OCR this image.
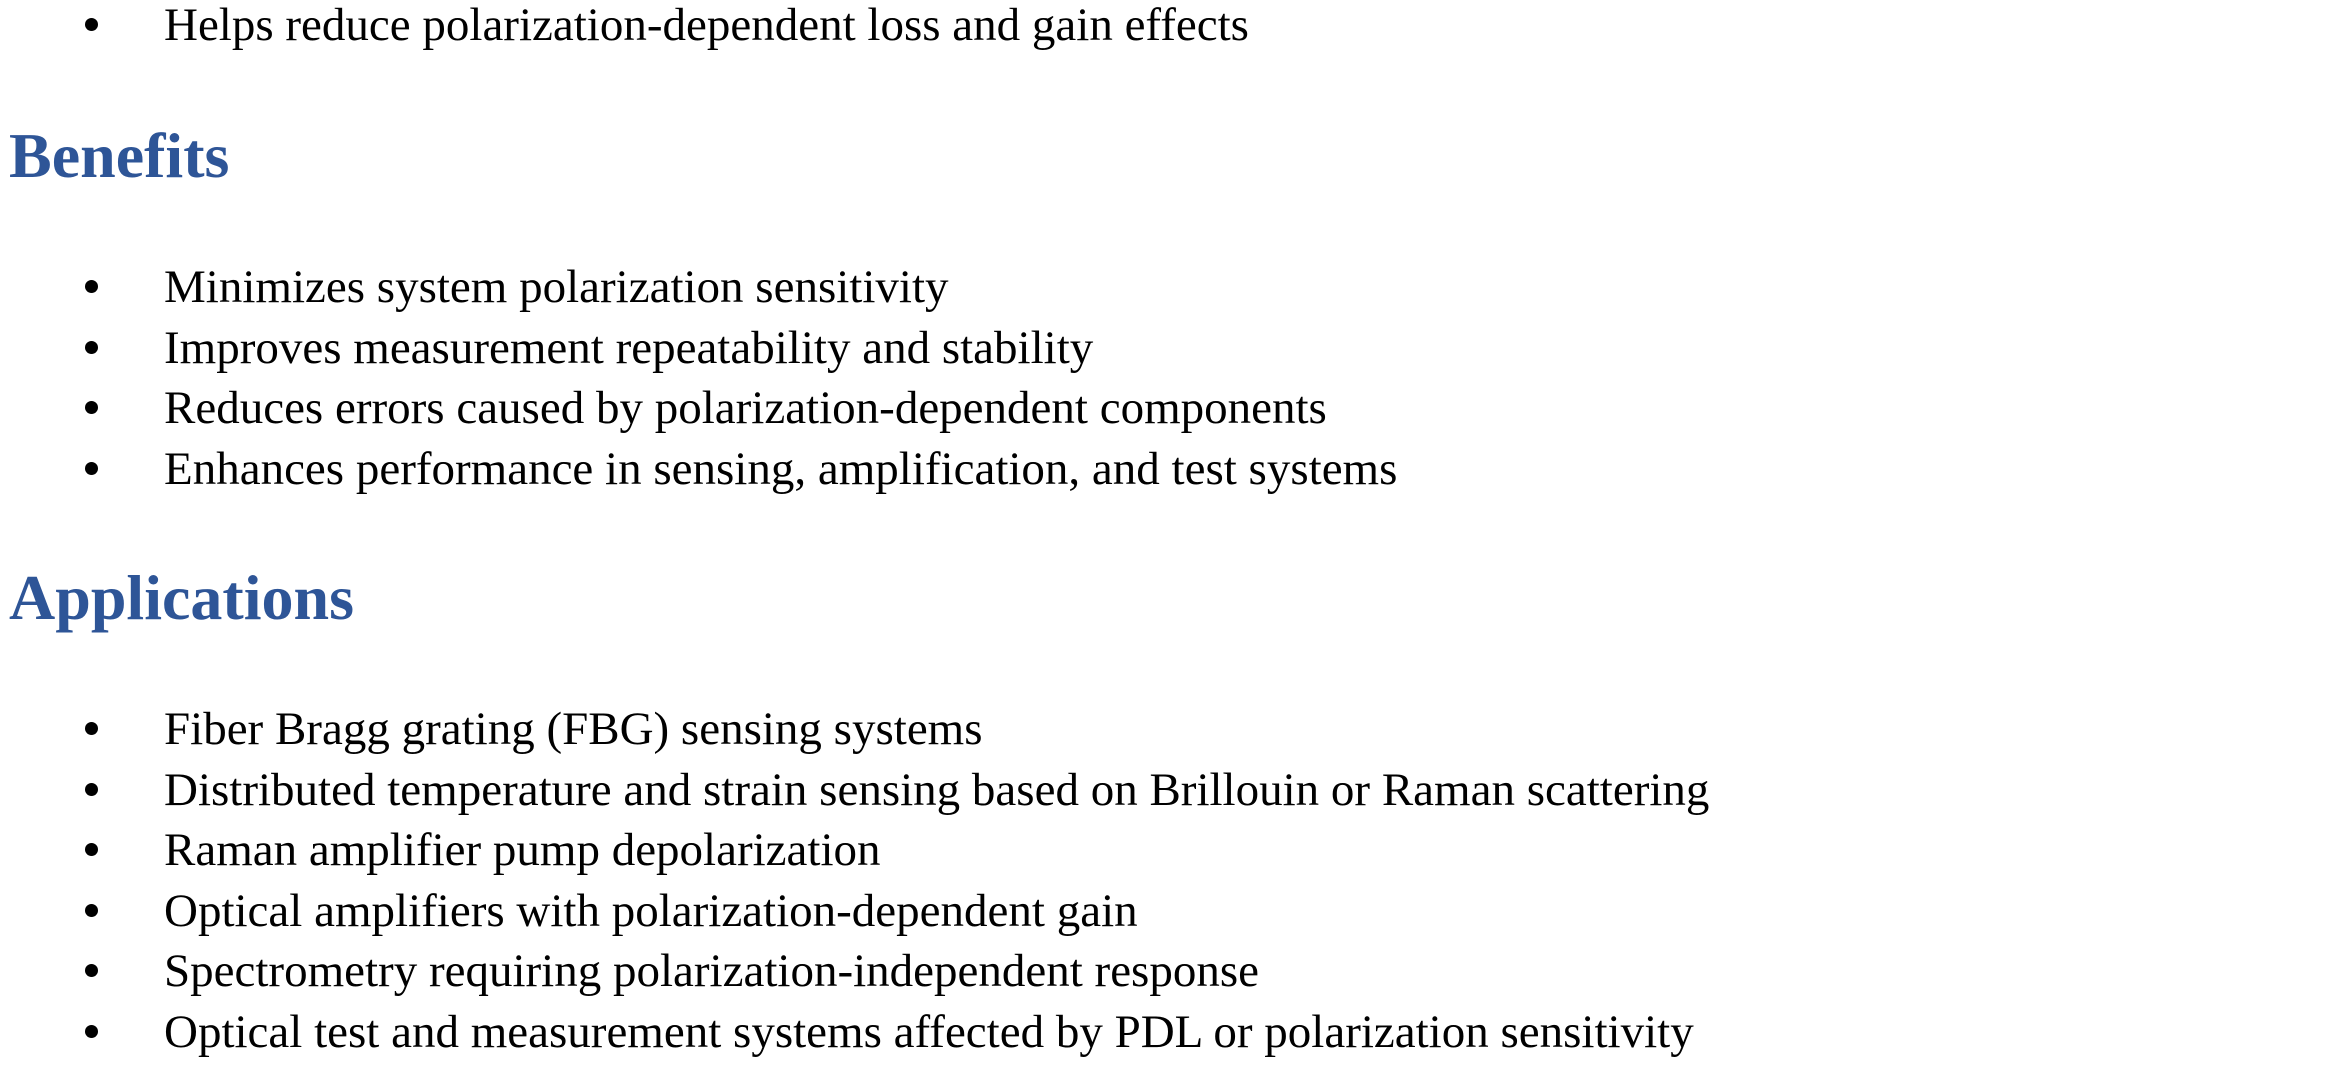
Helps reduce polarization-dependent loss and gain effects
Benefits
Minimizes system polarization sensitivity
Improves measurement repeatability and stability
Reduces errors caused by polarization-dependent components
Enhances performance in sensing, amplification, and test systems
Applications
Fiber Bragg grating (FBG) sensing systems
Distributed temperature and strain sensing based on Brillouin or Raman scattering
Raman amplifier pump depolarization
Optical amplifiers with polarization-dependent gain
Spectrometry requiring polarization-independent response
Optical test and measurement systems affected by PDL or polarization sensitivity
